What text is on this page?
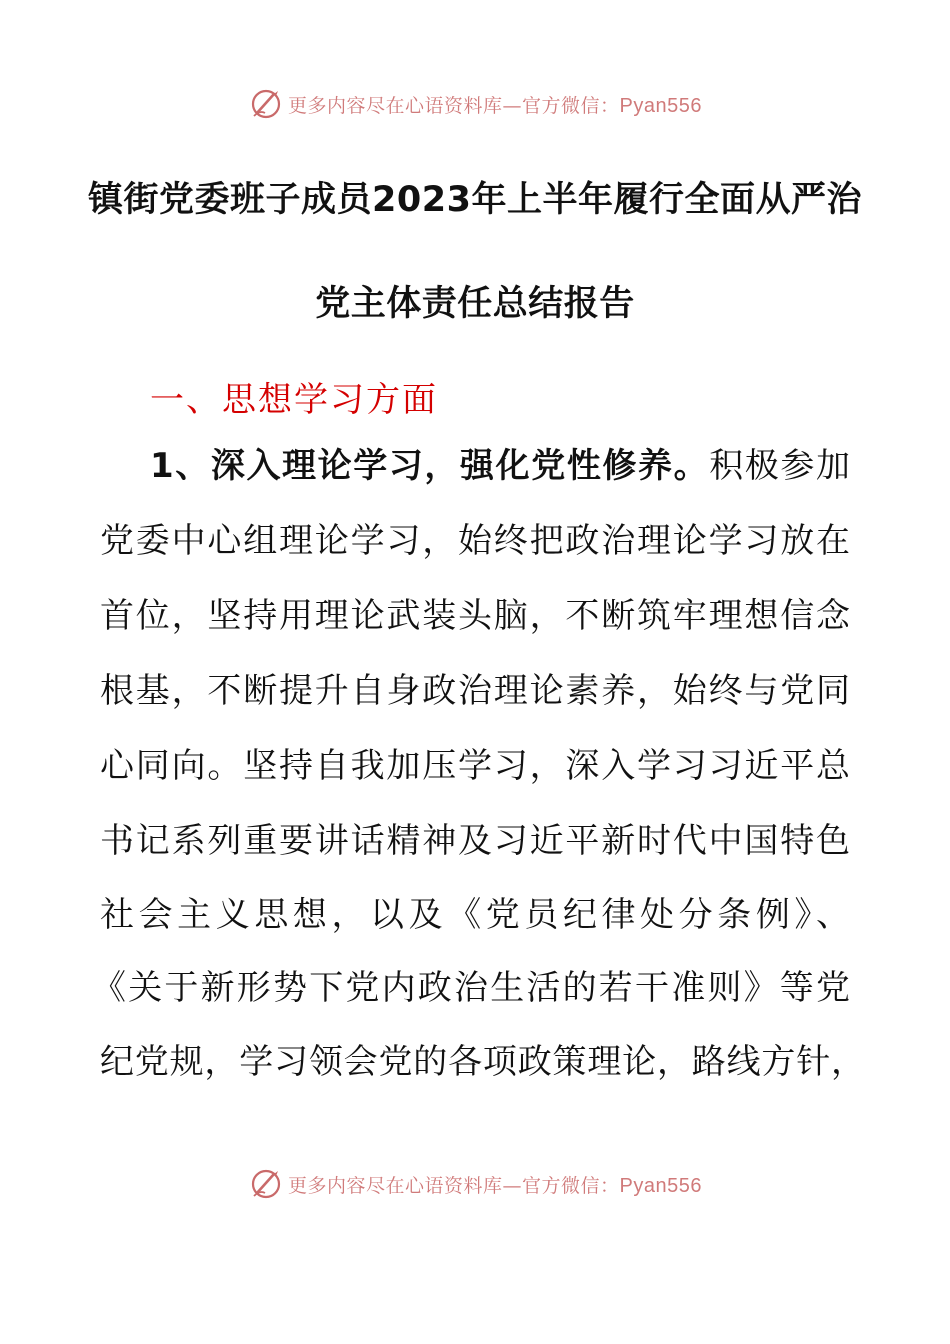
更多内容尽在心语资料库—官方微信：Pyan556
镇街党委班子成员2023年上半年履行全面从严治
党主体责任总结报告
一、思想学习方面
1、深入理论学习，强化党性修养。积极参加
党委中心组理论学习，始终把政治理论学习放在
首位，坚持用理论武装头脑，不断筑牢理想信念
根基，不断提升自身政治理论素养，始终与党同
心同向。坚持自我加压学习，深入学习习近平总
书记系列重要讲话精神及习近平新时代中国特色
社会主义思想，以及《党员纪律处分条例》、
《关于新形势下党内政治生活的若干准则》等党
纪党规，学习领会党的各项政策理论，路线方针，
更多内容尽在心语资料库—官方微信：Pyan556
